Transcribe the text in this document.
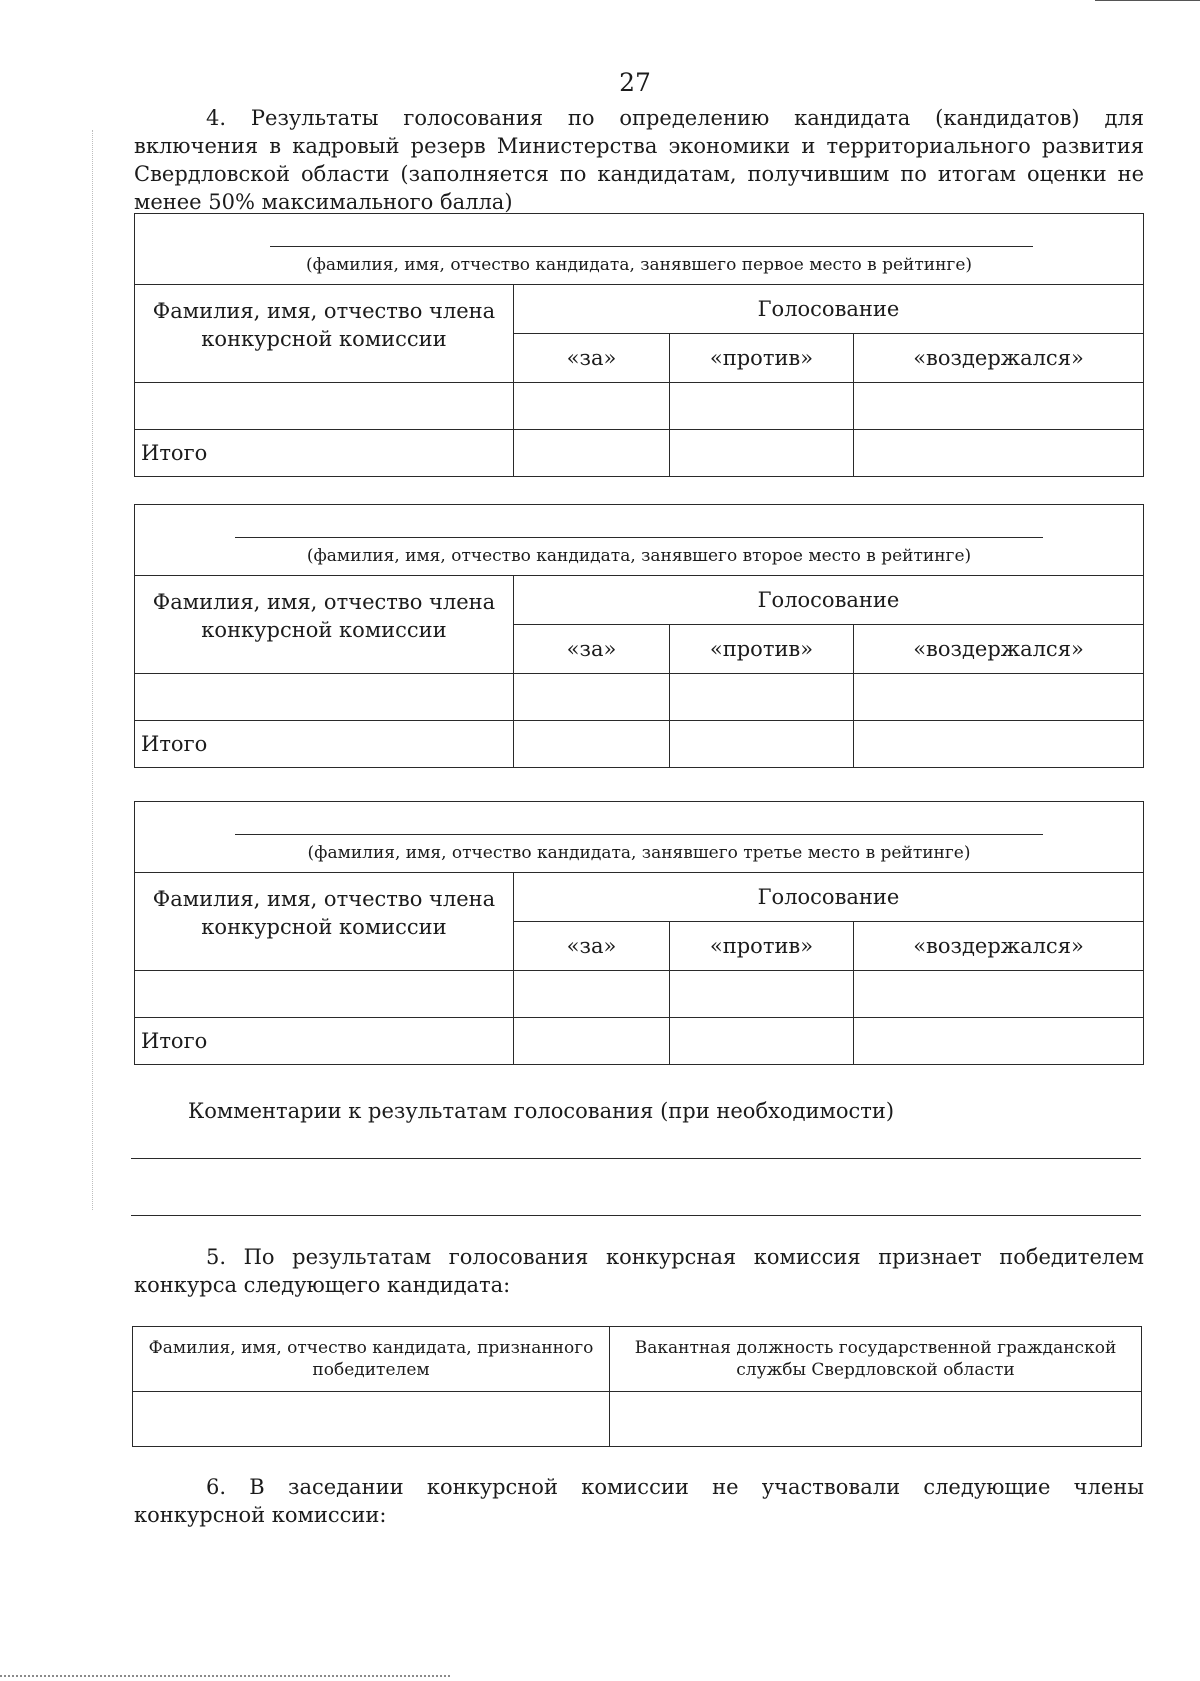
27
4. Результаты голосования по определению кандидата (кандидатов) для включения в кадровый резерв Министерства экономики и территориального развития Свердловской области (заполняется по кандидатам, получившим по итогам оценки не менее 50% максимального балла)
(фамилия, имя, отчество кандидата, занявшего первое место в рейтинге)			

Фамилия, имя, отчество члена конкурсной комиссии	Голосование		
	«за»	«против»	«воздержался»

Итого			
(фамилия, имя, отчество кандидата, занявшего второе место в рейтинге)			

Фамилия, имя, отчество члена конкурсной комиссии	Голосование		
	«за»	«против»	«воздержался»

Итого			
(фамилия, имя, отчество кандидата, занявшего третье место в рейтинге)			

Фамилия, имя, отчество члена конкурсной комиссии	Голосование		
	«за»	«против»	«воздержался»

Итого			
Комментарии к результатам голосования (при необходимости)
5. По результатам голосования конкурсная комиссия признает победителем конкурса следующего кандидата:
Фамилия, имя, отчество кандидата, признанного победителем	Вакантная должность государственной гражданской службы Свердловской области

6. В заседании конкурсной комиссии не участвовали следующие члены конкурсной комиссии:
